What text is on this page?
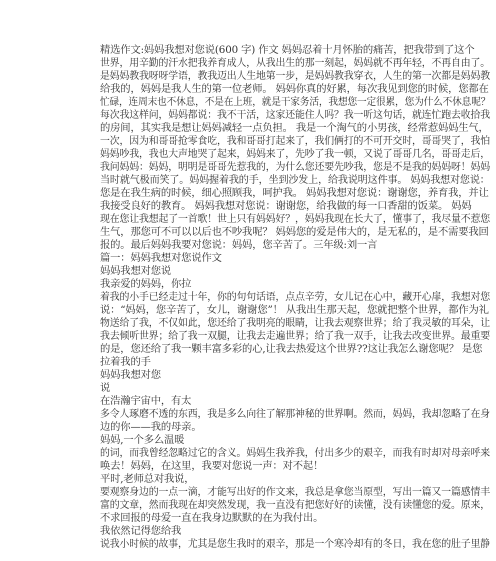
精选作文:妈妈我想对您说(600 字) 作文 妈妈忍着十月怀胎的痛苦，把我带到了这个
世界，用辛勤的汗水把我养育成人，从我出生的那一刻起，妈妈就不再年轻，不再自由了。
是妈妈教我呀呀学语，教我迈出人生地第一步，是妈妈教我穿衣，人生的第一次都是妈妈教
给我的，妈妈是我人生的第一位老师。 妈妈你真的好累，每次我见到您的时候，您都在
忙碌，连周末也不休息，不是在上班，就是干家务活，我想您一定很累，您为什么不休息呢？
每次我这样问，妈妈都说：我不干活，这家还能住人吗？我一听这句话，就连忙跑去收拾我
的房间，其实我是想让妈妈减轻一点负担。 我是一个淘气的小男孩，经常惹妈妈生气，
一次，因为和哥哥抢零食吃，我和哥哥打起来了，我们俩打的不可开交时，哥哥哭了，我怕
妈妈吵我，我也大声地哭了起来，妈妈来了，先吵了我一顿，又说了哥哥几名，哥哥走后，
我问妈妈：妈妈，明明是哥哥先惹我的，为什么您还要先吵我，您是不是我的妈妈呀！妈妈
当时就气极而笑了。妈妈握着我的手，坐到沙发上，给我说明这件事。 妈妈我想对您说：
您是在我生病的时候，细心照顾我，呵护我。 妈妈我想对您说：谢谢您，养育我，并让
我接受良好的教育。 妈妈我想对您说：谢谢您，给我做的每一口香甜的饭菜。 妈妈
现在您让我想起了一首歌！世上只有妈妈好？，妈妈我现在长大了，懂事了，我尽量不惹您
生气，那您可不可以以后也不吵我呢？ 妈妈您的爱是伟大的，是无私的，是不需要我回
报的。最后妈妈我要对您说：妈妈，您辛苦了。三年级:刘一言
篇一：妈妈我想对您说作文
妈妈我想对您说
我亲爱的妈妈，你拉
着我的小手已经走过十年，你的句句话语，点点辛劳，女儿记在心中，藏开心扉，我想对您
说：“妈妈，您辛苦了，女儿，谢谢您”！ 从我出生那天起，您就把整个世界，都作为礼
物送给了我，不仅如此，您还给了我明亮的眼睛，让我去观察世界；给了我灵敏的耳朵，让
我去倾听世界；给了我一双腿，让我去走遍世界；给了我一双手，让我去改变世界。最重要
的是，您还给了我一颗丰富多彩的心,让我去热爱这个世界??这让我怎么谢您呢？ 是您
拉着我的手
妈妈我想对您
说
在浩瀚宇宙中，有太
多令人琢磨不透的东西，我是多么向往了解那神秘的世界啊。然而，妈妈，我却忽略了在身
边的你——我的母亲。
妈妈,一个多么温暖
的词，而我曾经忽略过它的含义。妈妈生我养我，付出多少的艰辛，而我有时却对母亲呼来
唤去！妈妈，在这里，我要对您说一声：对不起！
平时,老师总对我说，
要观察身边的一点一滴，才能写出好的作文来，我总是拿您当原型，写出一篇又一篇感情丰
富的文章，然而我现在却突然发现，我一直没有把您好好的读懂，没有读懂您的爱。原来，
不求回报的母爱一直在我身边默默的在为我付出。
我依然记得您给我
说我小时候的故事，尤其是您生我时的艰辛，那是一个寒冷却有的冬日，我在您的肚子里静
